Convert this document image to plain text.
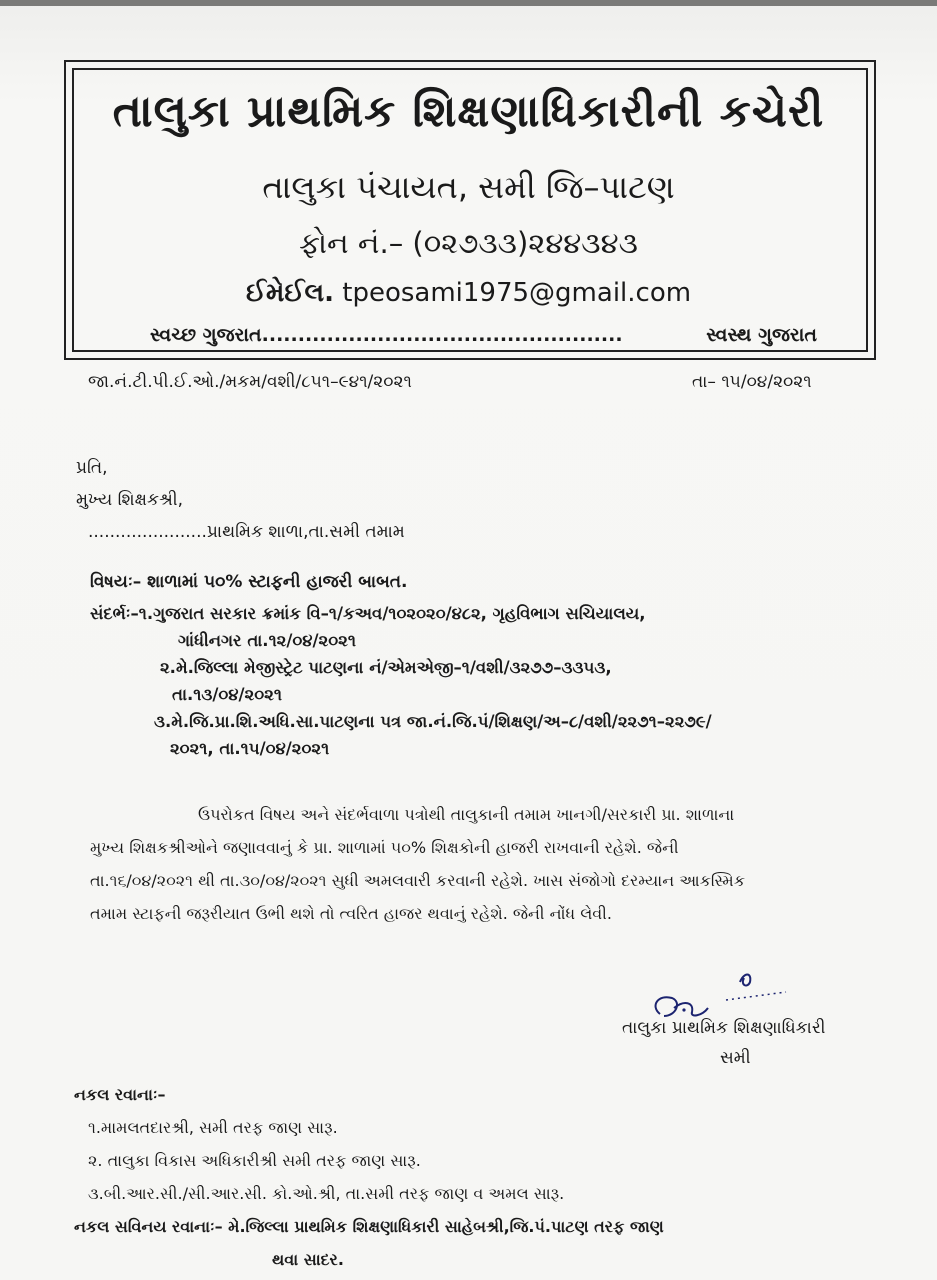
તાલુકા પ્રાથમિક શિક્ષણાધિકારીની કચેરી
તાલુકા પંચાયત, સમી જિ–પાટણ
ફોન નં.– (૦૨૭૩૩)૨૪૪૩૪૩
ઈમેઈલ. tpeosami1975@gmail.com
સ્વચ્છ ગુજરાત ..................................................	સ્વસ્થ ગુજરાત
જા.નં.ટી.પી.ઈ.ઓ./મકમ/વશી/૮૫૧–૯૪૧/૨૦૨૧	તા– ૧૫/૦૪/૨૦૨૧
પ્રતિ,
મુખ્ય શિક્ષકશ્રી,
......................પ્રાથમિક શાળા,તા.સમી તમામ
વિષયઃ– શાળામાં ૫૦% સ્ટાફની હાજરી બાબત.
સંદર્ભઃ–૧.ગુજરાત સરકાર ક્રમાંક વિ–૧/કઅવ/૧૦૨૦૨૦/૪૮૨, ગૃહવિભાગ સચિયાલય,
ગાંધીનગર તા.૧૨/૦૪/૨૦૨૧
૨.મે.જિલ્લા મેજીસ્ટ્રેટ પાટણના નં/એમએજી–૧/વશી/૩૨૭૭–૩૩૫૩,
તા.૧૩/૦૪/૨૦૨૧
૩.મે.જિ.પ્રા.શિ.અધિ.સા.પાટણના પત્ર જા.નં.જિ.પં/શિક્ષણ/અ–૮/વશી/૨૨૭૧–૨૨૭૯/
૨૦૨૧, તા.૧૫/૦૪/૨૦૨૧

ઉપરોકત વિષય અને સંદર્ભવાળા પત્રોથી તાલુકાની તમામ ખાનગી/સરકારી પ્રા. શાળાના

મુખ્ય શિક્ષકશ્રીઓને જણાવવાનું કે પ્રા. શાળામાં ૫૦% શિક્ષકોની હાજરી રાખવાની રહેશે. જેની

તા.૧૬/૦૪/૨૦૨૧ થી તા.૩૦/૦૪/૨૦૨૧ સુધી અમલવારી કરવાની રહેશે. ખાસ સંજોગો દરમ્યાન આકસ્મિક

તમામ સ્ટાફની જરૂરીયાત ઉભી થશે તો ત્વરિત હાજર થવાનું રહેશે. જેની નોંધ લેવી.

તાલુકા પ્રાથમિક શિક્ષણાધિકારી
સમી
નકલ રવાનાઃ–
૧.મામલતદારશ્રી, સમી તરફ જાણ સારૂ.
૨. તાલુકા વિકાસ અધિકારીશ્રી સમી તરફ જાણ સારૂ.
૩.બી.આર.સી./સી.આર.સી. કો.ઓ.શ્રી, તા.સમી તરફ જાણ વ અમલ સારૂ.
નકલ સવિનય રવાનાઃ– મે.જિલ્લા પ્રાથમિક શિક્ષણાધિકારી સાહેબશ્રી,જિ.પં.પાટણ તરફ જાણ
થવા સાદર.
